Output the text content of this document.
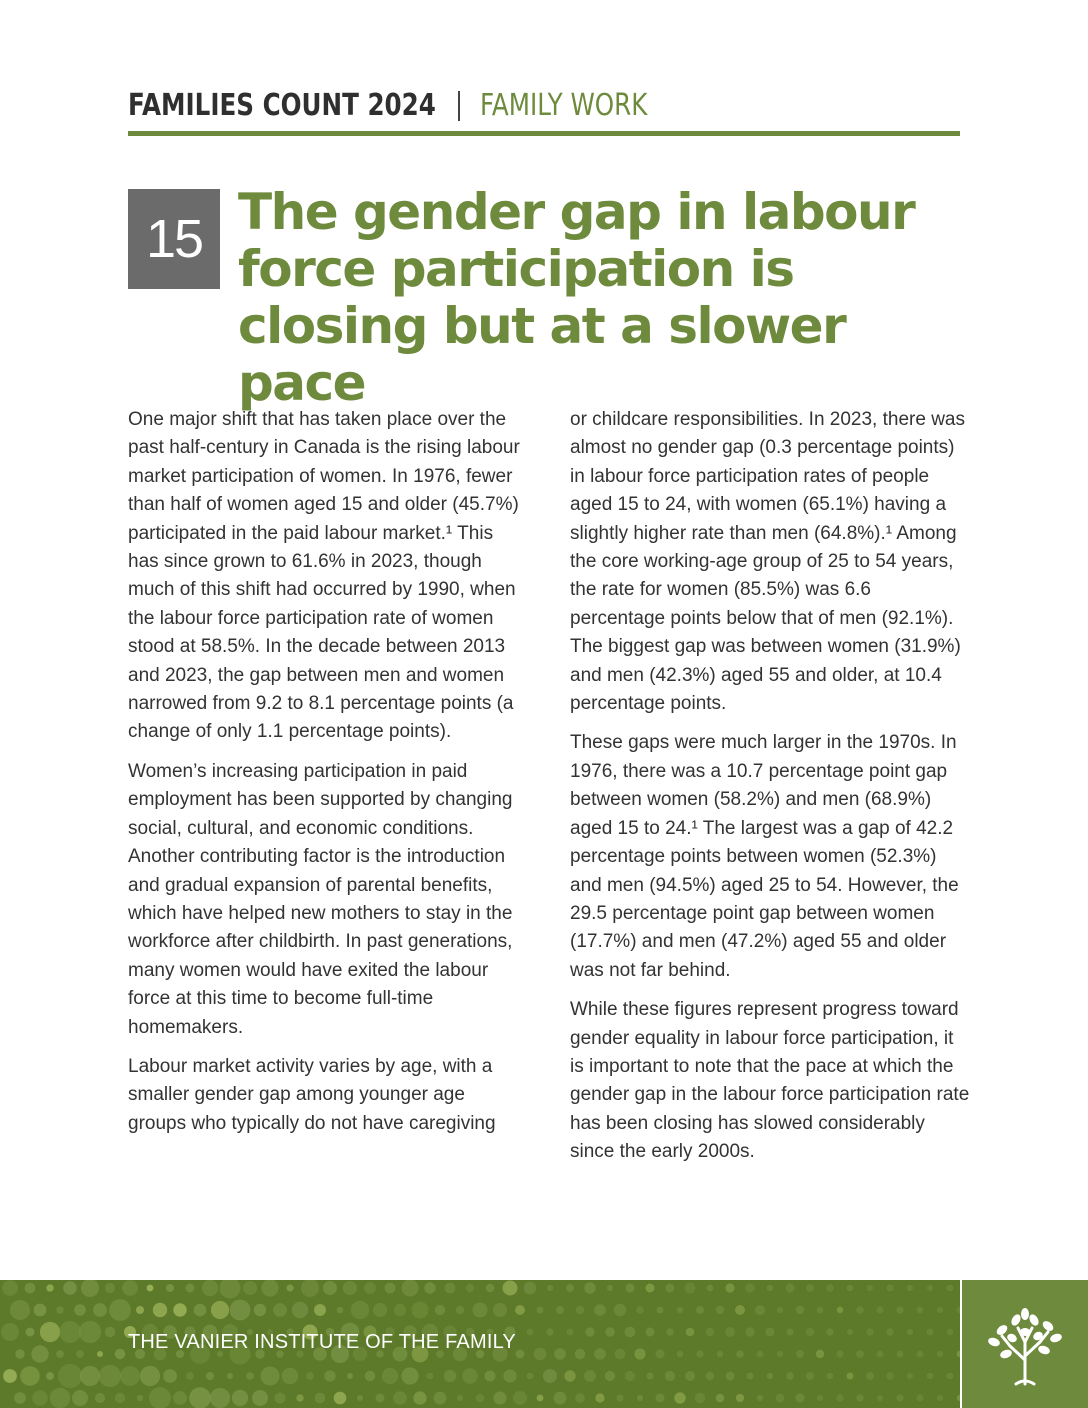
FAMILIES COUNT 2024 FAMILY WORK
15 The gender gap in labour force participation is closing but at a slower pace

One major shift that has taken place over the past half-century in Canada is the rising labour market participation of women. In 1976, fewer than half of women aged 15 and older (45.7%) participated in the paid labour market.¹ This has since grown to 61.6% in 2023, though much of this shift had occurred by 1990, when the labour force participation rate of women stood at 58.5%. In the decade between 2013 and 2023, the gap between men and women narrowed from 9.2 to 8.1 percentage points (a change of only 1.1 percentage points).

Women’s increasing participation in paid employment has been supported by changing social, cultural, and economic conditions. Another contributing factor is the introduction and gradual expansion of parental benefits, which have helped new mothers to stay in the workforce after childbirth. In past generations, many women would have exited the labour force at this time to become full-time homemakers.

Labour market activity varies by age, with a smaller gender gap among younger age groups who typically do not have caregiving

or childcare responsibilities. In 2023, there was almost no gender gap (0.3 percentage points) in labour force participation rates of people aged 15 to 24, with women (65.1%) having a slightly higher rate than men (64.8%).¹ Among the core working-age group of 25 to 54 years, the rate for women (85.5%) was 6.6 percentage points below that of men (92.1%). The biggest gap was between women (31.9%) and men (42.3%) aged 55 and older, at 10.4 percentage points.

These gaps were much larger in the 1970s. In 1976, there was a 10.7 percentage point gap between women (58.2%) and men (68.9%) aged 15 to 24.¹ The largest was a gap of 42.2 percentage points between women (52.3%) and men (94.5%) aged 25 to 54. However, the 29.5 percentage point gap between women (17.7%) and men (47.2%) aged 55 and older was not far behind.

While these figures represent progress toward gender equality in labour force participation, it is important to note that the pace at which the gender gap in the labour force participation rate has been closing has slowed considerably since the early 2000s.

THE VANIER INSTITUTE OF THE FAMILY
